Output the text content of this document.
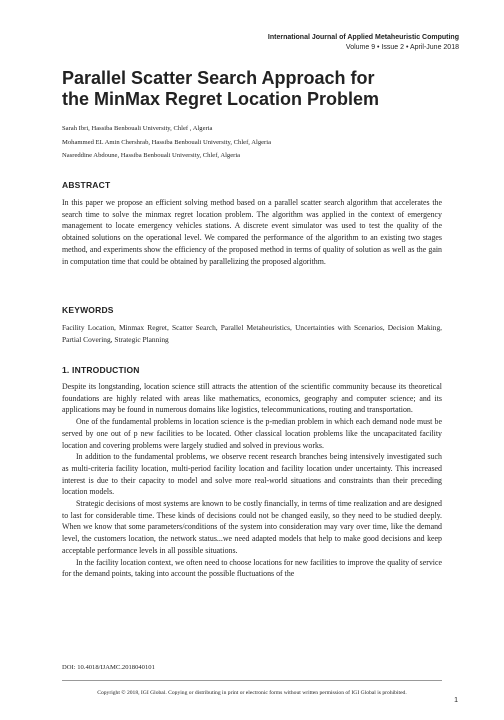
International Journal of Applied Metaheuristic Computing
Volume 9 • Issue 2 • April-June 2018
Parallel Scatter Search Approach for
the MinMax Regret Location Problem
Sarah Ibri, Hassiba Benbouali University, Chlef , Algeria
Mohammed EL Amin Chershrab, Hassiba Benbouali University, Chlef, Algeria
Nasreddine Abdoune, Hassiba Benbouali University, Chlef, Algeria
ABSTRACT

In this paper we propose an efficient solving method based on a parallel scatter search algorithm that accelerates the search time to solve the minmax regret location problem. The algorithm was applied in the context of emergency management to locate emergency vehicles stations. A discrete event simulator was used to test the quality of the obtained solutions on the operational level. We compared the performance of the algorithm to an existing two stages method, and experiments show the efficiency of the proposed method in terms of quality of solution as well as the gain in computation time that could be obtained by parallelizing the proposed algorithm.

KEYWORDS

Facility Location, Minmax Regret, Scatter Search, Parallel Metaheuristics, Uncertainties with Scenarios, Decision Making, Partial Covering, Strategic Planning

1. INTRODUCTION

Despite its longstanding, location science still attracts the attention of the scientific community because its theoretical foundations are highly related with areas like mathematics, economics, geography and computer science; and its applications may be found in numerous domains like logistics, telecommunications, routing and transportation.

One of the fundamental problems in location science is the p-median problem in which each demand node must be served by one out of p new facilities to be located. Other classical location problems like the uncapacitated facility location and covering problems were largely studied and solved in previous works.

In addition to the fundamental problems, we observe recent research branches being intensively investigated such as multi-criteria facility location, multi-period facility location and facility location under uncertainty. This increased interest is due to their capacity to model and solve more real-world situations and constraints than their preceding location models.

Strategic decisions of most systems are known to be costly financially, in terms of time realization and are designed to last for considerable time. These kinds of decisions could not be changed easily, so they need to be studied deeply. When we know that some parameters/conditions of the system into consideration may vary over time, like the demand level, the customers location, the network status...we need adapted models that help to make good decisions and keep acceptable performance levels in all possible situations.

In the facility location context, we often need to choose locations for new facilities to improve the quality of service for the demand points, taking into account the possible fluctuations of the

DOI: 10.4018/IJAMC.2018040101
Copyright © 2018, IGI Global. Copying or distributing in print or electronic forms without written permission of IGI Global is prohibited.
1
